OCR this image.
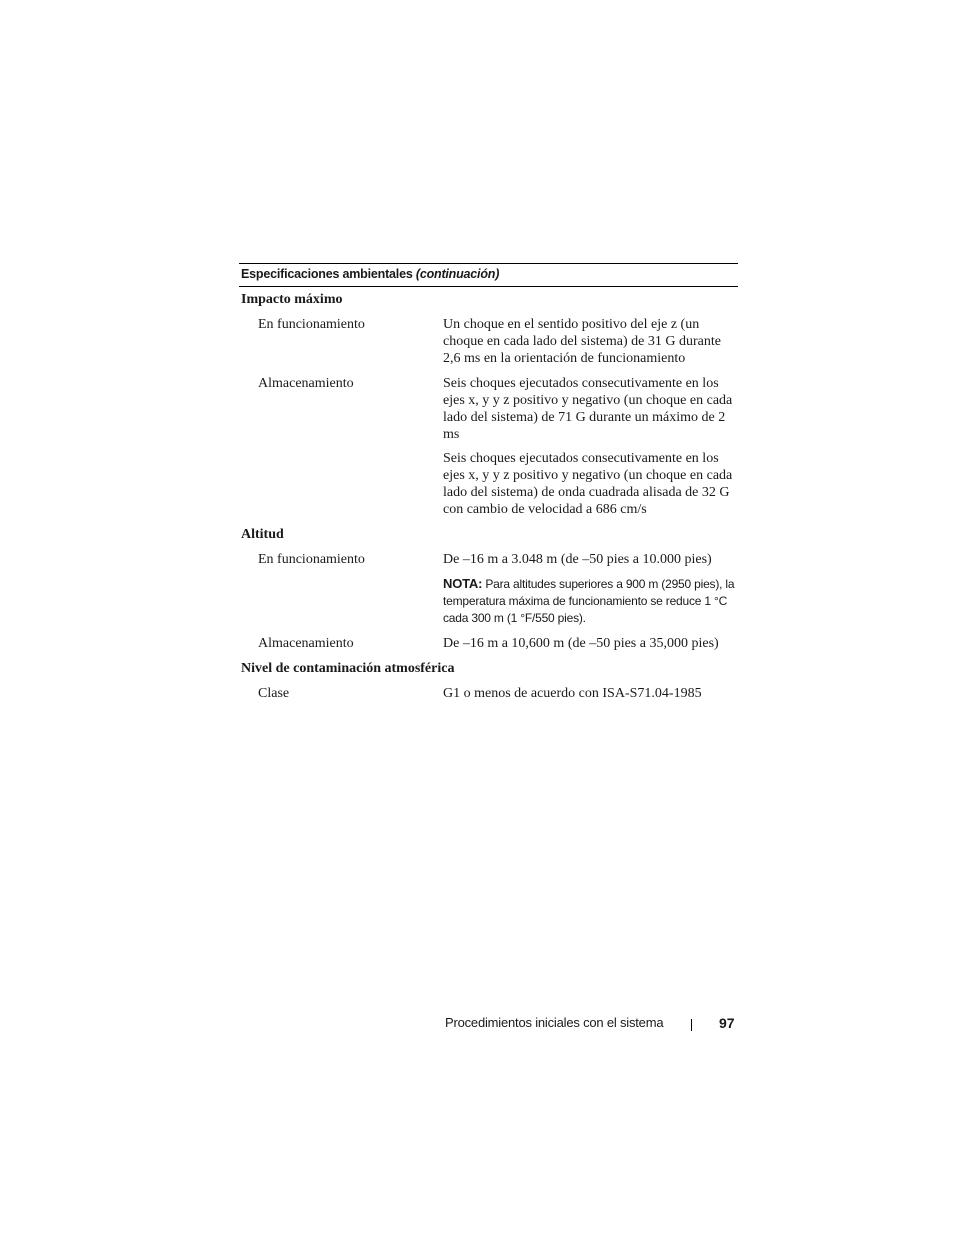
Especificaciones ambientales (continuación)
Impacto máximo
En funcionamiento	Un choque en el sentido positivo del eje z (un choque en cada lado del sistema) de 31 G durante 2,6 ms en la orientación de funcionamiento
Almacenamiento	Seis choques ejecutados consecutivamente en los ejes x, y y z positivo y negativo (un choque en cada lado del sistema) de 71 G durante un máximo de 2 ms
Seis choques ejecutados consecutivamente en los ejes x, y y z positivo y negativo (un choque en cada lado del sistema) de onda cuadrada alisada de 32 G con cambio de velocidad a 686 cm/s
Altitud
En funcionamiento	De –16 m a 3.048 m (de –50 pies a 10.000 pies)
NOTA: Para altitudes superiores a 900 m (2950 pies), la temperatura máxima de funcionamiento se reduce 1 °C cada 300 m (1 °F/550 pies).
Almacenamiento	De –16 m a 10,600 m (de –50 pies a 35,000 pies)
Nivel de contaminación atmosférica
Clase	G1 o menos de acuerdo con ISA-S71.04-1985
Procedimientos iniciales con el sistema	97
